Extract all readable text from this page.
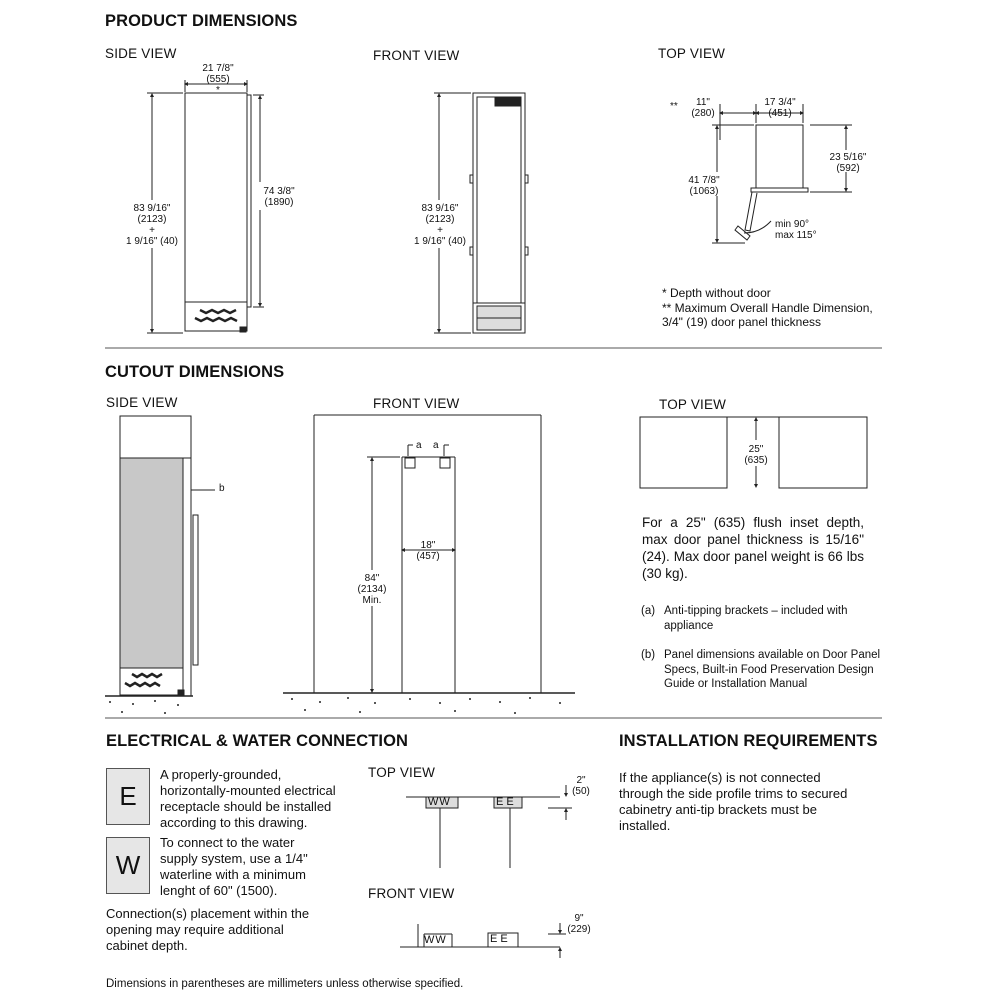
PRODUCT DIMENSIONS
SIDE VIEW
21 7/8"
(555)
*
83 9/16"
(2123)
+
1 9/16" (40)
74 3/8"
(1890)
FRONT VIEW
83 9/16"
(2123)
+
1 9/16" (40)
TOP VIEW
**	11"
(280)
17 3/4"
(451)
23 5/16"
(592)
41 7/8"
(1063)
min 90°
max 115°
* Depth without door
** Maximum Overall Handle Dimension,
3/4" (19) door panel thickness
CUTOUT DIMENSIONS
SIDE VIEW
b
FRONT VIEW
a a
18"
(457)
84"
(2134)
Min.
TOP VIEW
25"
(635)
For a 25" (635) flush inset depth, max door panel thickness is 15/16" (24). Max door panel weight is 66 lbs (30 kg).
(a) Anti-tipping brackets – included with appliance
(b) Panel dimensions available on Door Panel Specs, Built-in Food Preservation Design Guide or Installation Manual
ELECTRICAL & WATER CONNECTION
E
A properly-grounded, horizontally-mounted electrical receptacle should be installed according to this drawing.
W
To connect to the water supply system, use a 1/4" waterline with a minimum lenght of 60" (1500).
Connection(s) placement within the opening may require additional cabinet depth.
TOP VIEW
WW	EE
2"
(50)
FRONT VIEW
WW	EE
9"
(229)
INSTALLATION REQUIREMENTS
If the appliance(s) is not connected through the side profile trims to secured cabinetry anti-tip brackets must be installed.
Dimensions in parentheses are millimeters unless otherwise specified.
